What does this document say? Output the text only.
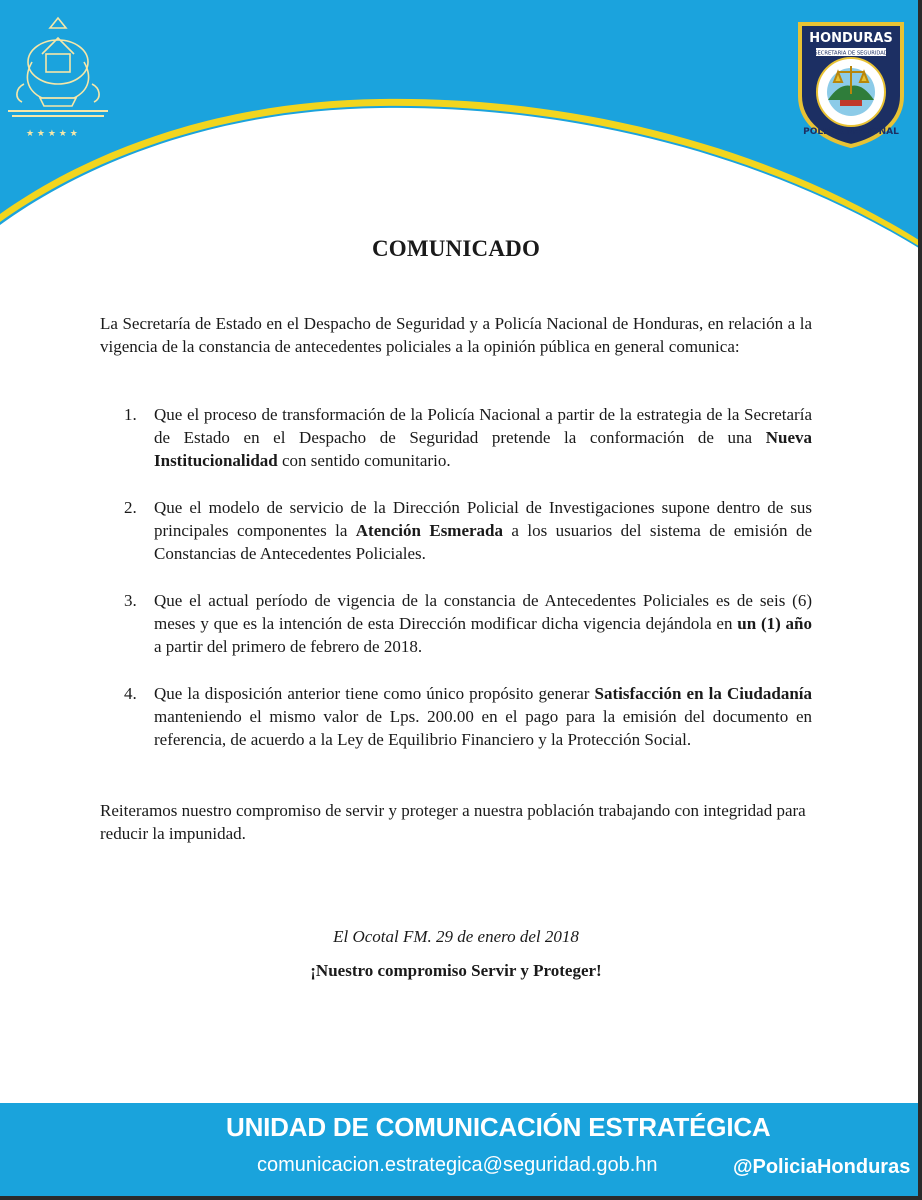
★ ★ ★ ★ ★
HONDURAS
SECRETARIA DE SEGURIDAD
POLICIA NACIONAL
COMUNICADO

La Secretaría de Estado en el Despacho de Seguridad y a Policía Nacional de Honduras, en relación a la vigencia de la constancia de antecedentes policiales a la opinión pública en general comunica:

1. Que el proceso de transformación de la Policía Nacional a partir de la estrategia de la Secretaría de Estado en el Despacho de Seguridad pretende la conformación de una Nueva Institucionalidad con sentido comunitario.
2. Que el modelo de servicio de la Dirección Policial de Investigaciones supone dentro de sus principales componentes la Atención Esmerada a los usuarios del sistema de emisión de Constancias de Antecedentes Policiales.
3. Que el actual período de vigencia de la constancia de Antecedentes Policiales es de seis (6) meses y que es la intención de esta Dirección modificar dicha vigencia dejándola en un (1) año a partir del primero de febrero de 2018.
4. Que la disposición anterior tiene como único propósito generar Satisfacción en la Ciudadanía manteniendo el mismo valor de Lps. 200.00 en el pago para la emisión del documento en referencia, de acuerdo a la Ley de Equilibrio Financiero y la Protección Social.

Reiteramos nuestro compromiso de servir y proteger a nuestra población trabajando con integridad para reducir la impunidad.

El Ocotal FM. 29 de enero del 2018
¡Nuestro compromiso Servir y Proteger!
UNIDAD DE COMUNICACIÓN ESTRATÉGICA
comunicacion.estrategica@seguridad.gob.hn	@PoliciaHonduras
